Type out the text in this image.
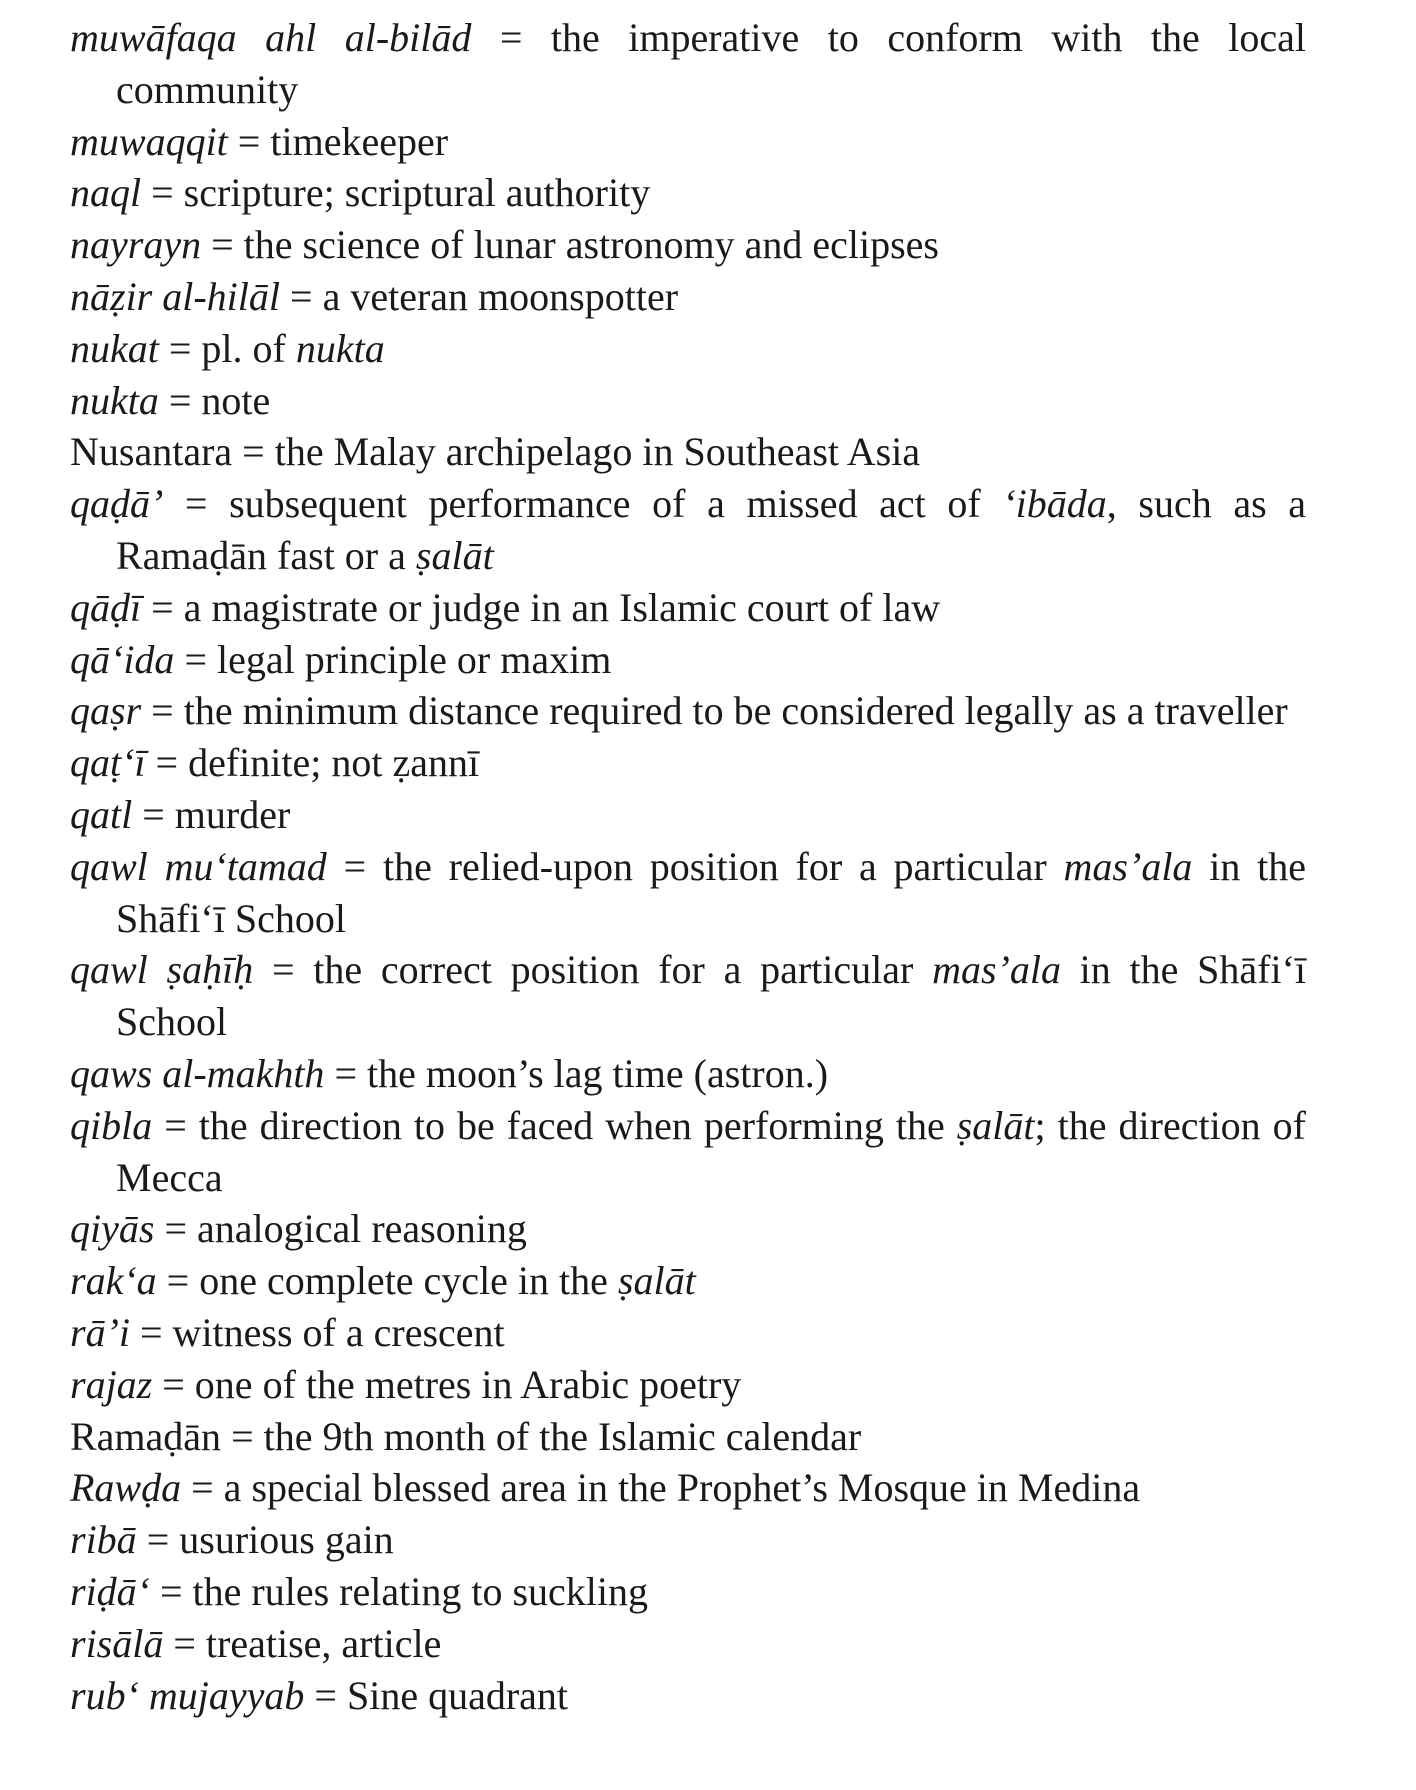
muwāfaqa ahl al-bilād = the imperative to conform with the local community

muwaqqit = timekeeper

naql = scripture; scriptural authority

nayrayn = the science of lunar astronomy and eclipses

nāẓir al-hilāl = a veteran moonspotter

nukat = pl. of nukta

nukta = note

Nusantara = the Malay archipelago in Southeast Asia

qaḍā’ = subsequent performance of a missed act of ‘ibāda, such as a Ramaḍān fast or a ṣalāt

qāḍī = a magistrate or judge in an Islamic court of law

qā‘ida = legal principle or maxim

qaṣr = the minimum distance required to be considered legally as a traveller

qaṭ‘ī = definite; not ẓannī

qatl = murder

qawl mu‘tamad = the relied-upon position for a particular mas’ala in the Shāfi‘ī School

qawl ṣaḥīḥ = the correct position for a particular mas’ala in the Shāfi‘ī School

qaws al-makhth = the moon’s lag time (astron.)

qibla = the direction to be faced when performing the ṣalāt; the direction of Mecca

qiyās = analogical reasoning

rak‘a = one complete cycle in the ṣalāt

rā’i = witness of a crescent

rajaz = one of the metres in Arabic poetry

Ramaḍān = the 9th month of the Islamic calendar

Rawḍa = a special blessed area in the Prophet’s Mosque in Medina

ribā = usurious gain

riḍā‘ = the rules relating to suckling

risālā = treatise, article

rub‘ mujayyab = Sine quadrant
